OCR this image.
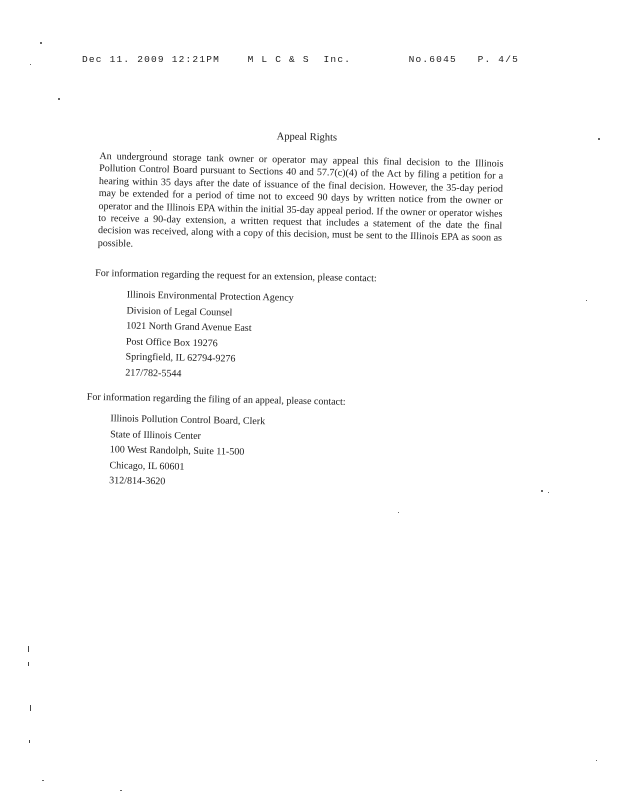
Dec 11. 2009 12:21PM    M L C & S  Inc.	No.6045   P. 4/5
Appeal Rights

An underground storage tank owner or operator may appeal this final decision to the Illinois Pollution Control Board pursuant to Sections 40 and 57.7(c)(4) of the Act by filing a petition for a hearing within 35 days after the date of issuance of the final decision. However, the 35-day period may be extended for a period of time not to exceed 90 days by written notice from the owner or operator and the Illinois EPA within the initial 35-day appeal period. If the owner or operator wishes to receive a 90-day extension, a written request that includes a statement of the date the final decision was received, along with a copy of this decision, must be sent to the Illinois EPA as soon as possible.

For information regarding the request for an extension, please contact:
Illinois Environmental Protection Agency
Division of Legal Counsel
1021 North Grand Avenue East
Post Office Box 19276
Springfield, IL 62794-9276
217/782-5544
For information regarding the filing of an appeal, please contact:
Illinois Pollution Control Board, Clerk
State of Illinois Center
100 West Randolph, Suite 11-500
Chicago, IL 60601
312/814-3620
